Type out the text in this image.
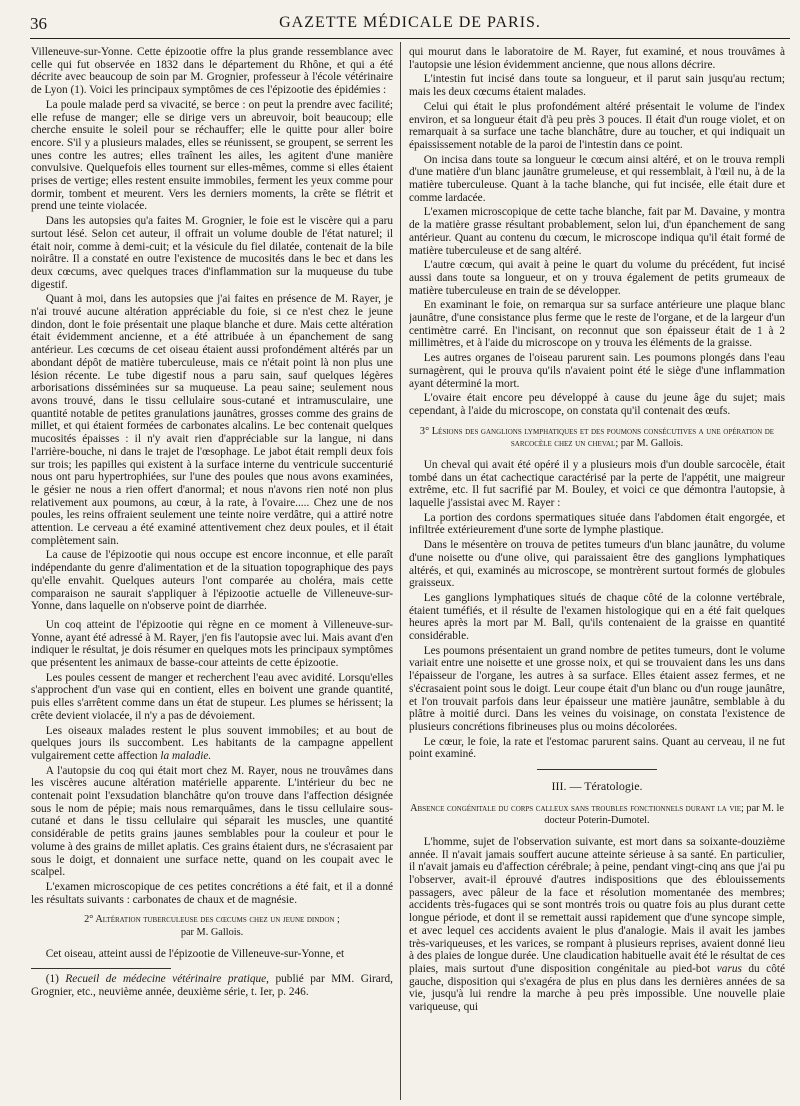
36	GAZETTE MÉDICALE DE PARIS.

Villeneuve-sur-Yonne. Cette épizootie offre la plus grande ressemblance avec celle qui fut observée en 1832 dans le département du Rhône, et qui a été décrite avec beaucoup de soin par M. Grognier, professeur à l'école vétérinaire de Lyon (1). Voici les principaux symptômes de ces l'épizootie des épidémies :

La poule malade perd sa vivacité, se berce : on peut la prendre avec facilité; elle refuse de manger; elle se dirige vers un abreuvoir, boit beaucoup; elle cherche ensuite le soleil pour se réchauffer; elle le quitte pour aller boire encore. S'il y a plusieurs malades, elles se réunissent, se groupent, se serrent les unes contre les autres; elles traînent les ailes, les agitent d'une manière convulsive. Quelquefois elles tournent sur elles-mêmes, comme si elles étaient prises de vertige; elles restent ensuite immobiles, ferment les yeux comme pour dormir, tombent et meurent. Vers les derniers moments, la crête se flétrit et prend une teinte violacée.

Dans les autopsies qu'a faites M. Grognier, le foie est le viscère qui a paru surtout lésé. Selon cet auteur, il offrait un volume double de l'état naturel; il était noir, comme à demi-cuit; et la vésicule du fiel dilatée, contenait de la bile noirâtre. Il a constaté en outre l'existence de mucosités dans le bec et dans les deux cœcums, avec quelques traces d'inflammation sur la muqueuse du tube digestif.

Quant à moi, dans les autopsies que j'ai faites en présence de M. Rayer, je n'ai trouvé aucune altération appréciable du foie, si ce n'est chez le jeune dindon, dont le foie présentait une plaque blanche et dure. Mais cette altération était évidemment ancienne, et a été attribuée à un épanchement de sang antérieur. Les cœcums de cet oiseau étaient aussi profondément altérés par un abondant dépôt de matière tuberculeuse, mais ce n'était point là non plus une lésion récente. Le tube digestif nous a paru sain, sauf quelques légères arborisations disséminées sur sa muqueuse. La peau saine; seulement nous avons trouvé, dans le tissu cellulaire sous-cutané et intramusculaire, une quantité notable de petites granulations jaunâtres, grosses comme des grains de millet, et qui étaient formées de carbonates alcalins. Le bec contenait quelques mucosités épaisses : il n'y avait rien d'appréciable sur la langue, ni dans l'arrière-bouche, ni dans le trajet de l'œsophage. Le jabot était rempli deux fois sur trois; les papilles qui existent à la surface interne du ventricule succenturié nous ont paru hypertrophiées, sur l'une des poules que nous avons examinées, le gésier ne nous a rien offert d'anormal; et nous n'avons rien noté non plus relativement aux poumons, au cœur, à la rate, à l'ovaire..... Chez une de nos poules, les reins offraient seulement une teinte noire verdâtre, qui a attiré notre attention. Le cerveau a été examiné attentivement chez deux poules, et il était complètement sain.

La cause de l'épizootie qui nous occupe est encore inconnue, et elle paraît indépendante du genre d'alimentation et de la situation topographique des pays qu'elle envahit. Quelques auteurs l'ont comparée au choléra, mais cette comparaison ne saurait s'appliquer à l'épizootie actuelle de Villeneuve-sur-Yonne, dans laquelle on n'observe point de diarrhée.

Un coq atteint de l'épizootie qui règne en ce moment à Villeneuve-sur-Yonne, ayant été adressé à M. Rayer, j'en fis l'autopsie avec lui. Mais avant d'en indiquer le résultat, je dois résumer en quelques mots les principaux symptômes que présentent les animaux de basse-cour atteints de cette épizootie.

Les poules cessent de manger et recherchent l'eau avec avidité. Lorsqu'elles s'approchent d'un vase qui en contient, elles en boivent une grande quantité, puis elles s'arrêtent comme dans un état de stupeur. Les plumes se hérissent; la crête devient violacée, il n'y a pas de dévoiement.

Les oiseaux malades restent le plus souvent immobiles; et au bout de quelques jours ils succombent. Les habitants de la campagne appellent vulgairement cette affection la maladie.

A l'autopsie du coq qui était mort chez M. Rayer, nous ne trouvâmes dans les viscères aucune altération matérielle apparente. L'intérieur du bec ne contenait point l'exsudation blanchâtre qu'on trouve dans l'affection désignée sous le nom de pépie; mais nous remarquâmes, dans le tissu cellulaire sous-cutané et dans le tissu cellulaire qui séparait les muscles, une quantité considérable de petits grains jaunes semblables pour la couleur et pour le volume à des grains de millet aplatis. Ces grains étaient durs, ne s'écrasaient par sous le doigt, et donnaient une surface nette, quand on les coupait avec le scalpel.

L'examen microscopique de ces petites concrétions a été fait, et il a donné les résultats suivants : carbonates de chaux et de magnésie.

2° Altération tuberculeuse des cœcums chez un jeune dindon ;
par M. Gallois.

Cet oiseau, atteint aussi de l'épizootie de Villeneuve-sur-Yonne, et

(1) Recueil de médecine vétérinaire pratique, publié par MM. Girard, Grognier, etc., neuvième année, deuxième série, t. Ier, p. 246.

qui mourut dans le laboratoire de M. Rayer, fut examiné, et nous trouvâmes à l'autopsie une lésion évidemment ancienne, que nous allons décrire.

L'intestin fut incisé dans toute sa longueur, et il parut sain jusqu'au rectum; mais les deux cœcums étaient malades.

Celui qui était le plus profondément altéré présentait le volume de l'index environ, et sa longueur était d'à peu près 3 pouces. Il était d'un rouge violet, et on remarquait à sa surface une tache blanchâtre, dure au toucher, et qui indiquait un épaississement notable de la paroi de l'intestin dans ce point.

On incisa dans toute sa longueur le cœcum ainsi altéré, et on le trouva rempli d'une matière d'un blanc jaunâtre grumeleuse, et qui ressemblait, à l'œil nu, à de la matière tuberculeuse. Quant à la tache blanche, qui fut incisée, elle était dure et comme lardacée.

L'examen microscopique de cette tache blanche, fait par M. Davaine, y montra de la matière grasse résultant probablement, selon lui, d'un épanchement de sang antérieur. Quant au contenu du cœcum, le microscope indiqua qu'il était formé de matière tuberculeuse et de sang altéré.

L'autre cœcum, qui avait à peine le quart du volume du précédent, fut incisé aussi dans toute sa longueur, et on y trouva également de petits grumeaux de matière tuberculeuse en train de se développer.

En examinant le foie, on remarqua sur sa surface antérieure une plaque blanc jaunâtre, d'une consistance plus ferme que le reste de l'organe, et de la largeur d'un centimètre carré. En l'incisant, on reconnut que son épaisseur était de 1 à 2 millimètres, et à l'aide du microscope on y trouva les éléments de la graisse.

Les autres organes de l'oiseau parurent sain. Les poumons plongés dans l'eau surnagèrent, qui le prouva qu'ils n'avaient point été le siège d'une inflammation ayant déterminé la mort.

L'ovaire était encore peu développé à cause du jeune âge du sujet; mais cependant, à l'aide du microscope, on constata qu'il contenait des œufs.

3° Lésions des ganglions lymphatiques et des poumons consécutives a une opération de sarcocèle chez un cheval; par M. Gallois.

Un cheval qui avait été opéré il y a plusieurs mois d'un double sarcocèle, était tombé dans un état cachectique caractérisé par la perte de l'appétit, une maigreur extrême, etc. Il fut sacrifié par M. Bouley, et voici ce que démontra l'autopsie, à laquelle j'assistai avec M. Rayer :

La portion des cordons spermatiques située dans l'abdomen était engorgée, et infiltrée extérieurement d'une sorte de lymphe plastique.

Dans le mésentère on trouva de petites tumeurs d'un blanc jaunâtre, du volume d'une noisette ou d'une olive, qui paraissaient être des ganglions lymphatiques altérés, et qui, examinés au microscope, se montrèrent surtout formés de globules graisseux.

Les ganglions lymphatiques situés de chaque côté de la colonne vertébrale, étaient tuméfiés, et il résulte de l'examen histologique qui en a été fait quelques heures après la mort par M. Ball, qu'ils contenaient de la graisse en quantité considérable.

Les poumons présentaient un grand nombre de petites tumeurs, dont le volume variait entre une noisette et une grosse noix, et qui se trouvaient dans les uns dans l'épaisseur de l'organe, les autres à sa surface. Elles étaient assez fermes, et ne s'écrasaient point sous le doigt. Leur coupe était d'un blanc ou d'un rouge jaunâtre, et l'on trouvait parfois dans leur épaisseur une matière jaunâtre, semblable à du plâtre à moitié durci. Dans les veines du voisinage, on constata l'existence de plusieurs concrétions fibrineuses plus ou moins décolorées.

Le cœur, le foie, la rate et l'estomac parurent sains. Quant au cerveau, il ne fut point examiné.

III. — Tératologie.
Absence congénitale du corps calleux sans troubles fonctionnels durant la vie; par M. le docteur Poterin-Dumotel.

L'homme, sujet de l'observation suivante, est mort dans sa soixante-douzième année. Il n'avait jamais souffert aucune atteinte sérieuse à sa santé. En particulier, il n'avait jamais eu d'affection cérébrale; à peine, pendant vingt-cinq ans que j'ai pu l'observer, avait-il éprouvé d'autres indispositions que des éblouissements passagers, avec pâleur de la face et résolution momentanée des membres; accidents très-fugaces qui se sont montrés trois ou quatre fois au plus durant cette longue période, et dont il se remettait aussi rapidement que d'une syncope simple, et avec lequel ces accidents avaient le plus d'analogie. Mais il avait les jambes très-variqueuses, et les varices, se rompant à plusieurs reprises, avaient donné lieu à des plaies de longue durée. Une claudication habituelle avait été le résultat de ces plaies, mais surtout d'une disposition congénitale au pied-bot varus du côté gauche, disposition qui s'exagéra de plus en plus dans les dernières années de sa vie, jusqu'à lui rendre la marche à peu près impossible. Une nouvelle plaie variqueuse, qui
